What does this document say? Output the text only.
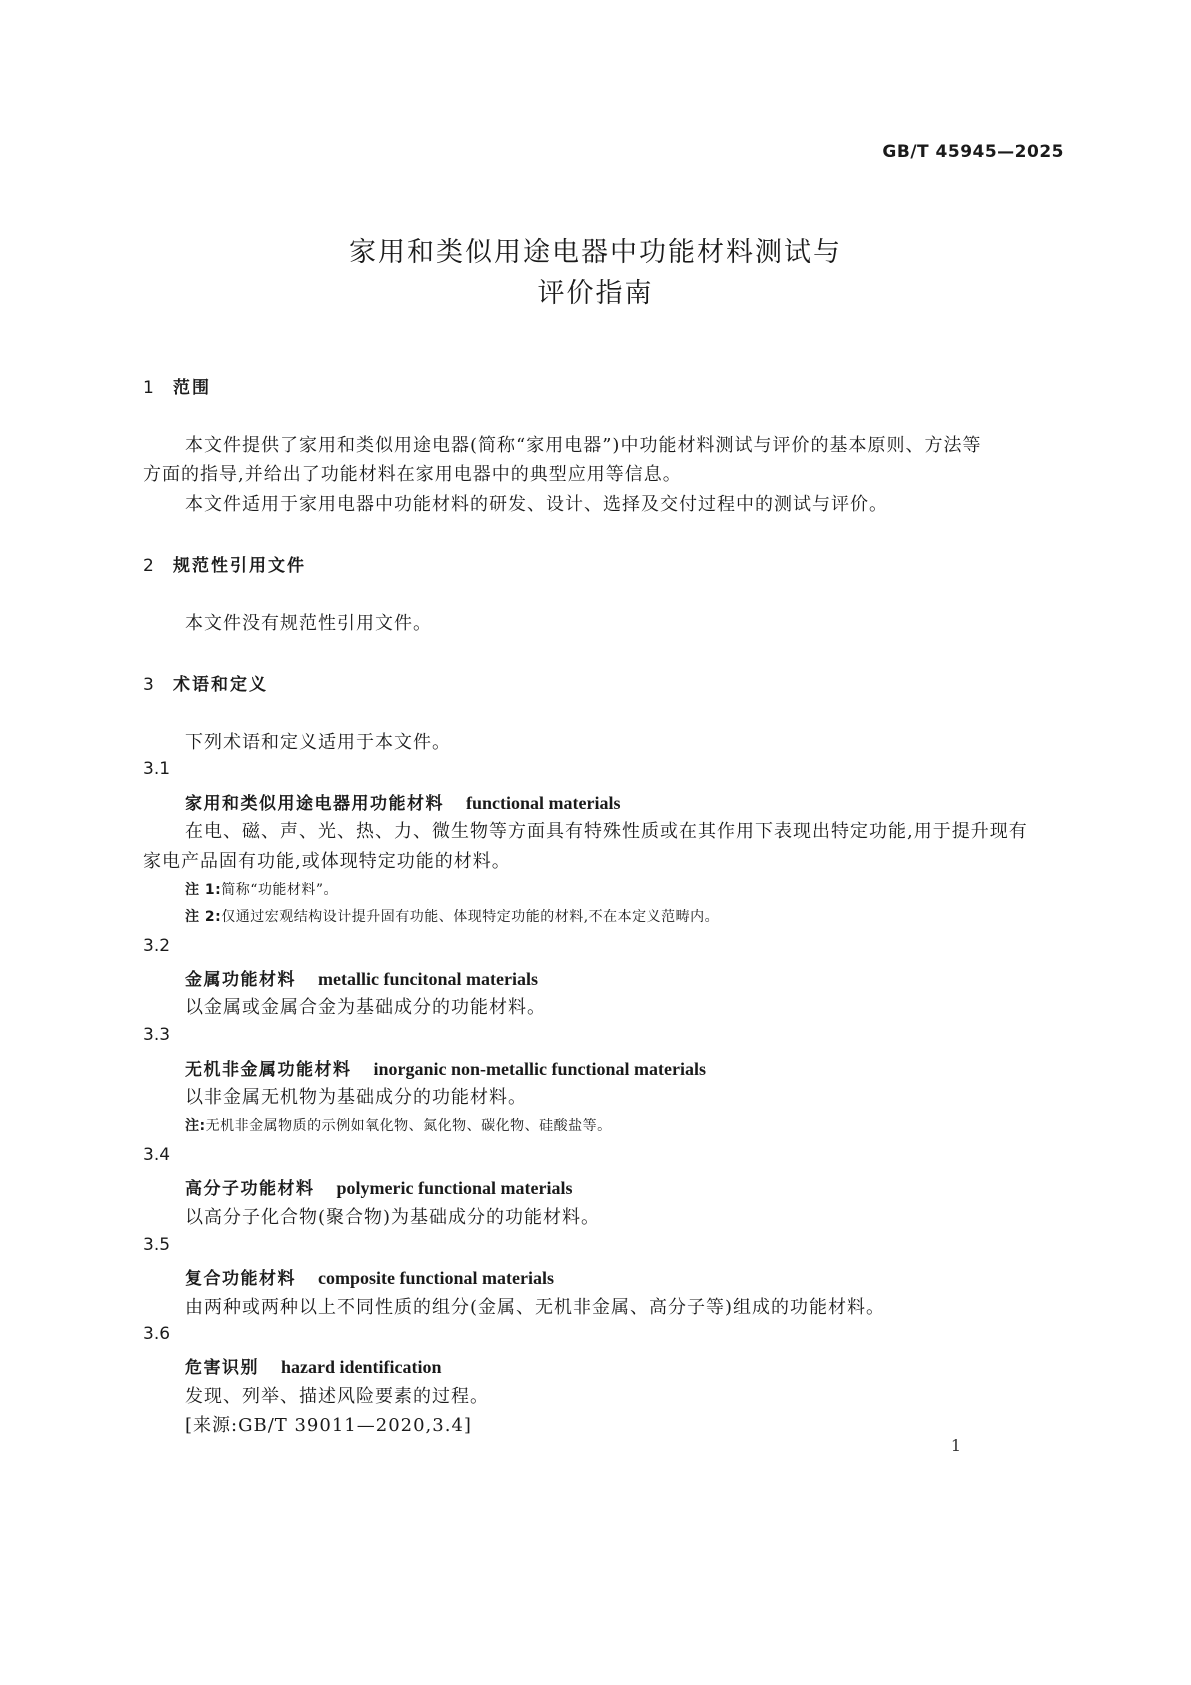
GB/T 45945—2025
家用和类似用途电器中功能材料测试与
评价指南
1 范围
本文件提供了家用和类似用途电器(简称“家用电器”)中功能材料测试与评价的基本原则、方法等
方面的指导,并给出了功能材料在家用电器中的典型应用等信息。
本文件适用于家用电器中功能材料的研发、设计、选择及交付过程中的测试与评价。
2 规范性引用文件
本文件没有规范性引用文件。
3 术语和定义
下列术语和定义适用于本文件。
3.1
家用和类似用途电器用功能材料 functional materials
在电、磁、声、光、热、力、微生物等方面具有特殊性质或在其作用下表现出特定功能,用于提升现有
家电产品固有功能,或体现特定功能的材料。
注 1:简称“功能材料”。
注 2:仅通过宏观结构设计提升固有功能、体现特定功能的材料,不在本定义范畴内。
3.2
金属功能材料 metallic funcitonal materials
以金属或金属合金为基础成分的功能材料。
3.3
无机非金属功能材料 inorganic non-metallic functional materials
以非金属无机物为基础成分的功能材料。
注:无机非金属物质的示例如氧化物、氮化物、碳化物、硅酸盐等。
3.4
高分子功能材料 polymeric functional materials
以高分子化合物(聚合物)为基础成分的功能材料。
3.5
复合功能材料 composite functional materials
由两种或两种以上不同性质的组分(金属、无机非金属、高分子等)组成的功能材料。
3.6
危害识别 hazard identification
发现、列举、描述风险要素的过程。
[来源:GB/T 39011—2020,3.4]
1
